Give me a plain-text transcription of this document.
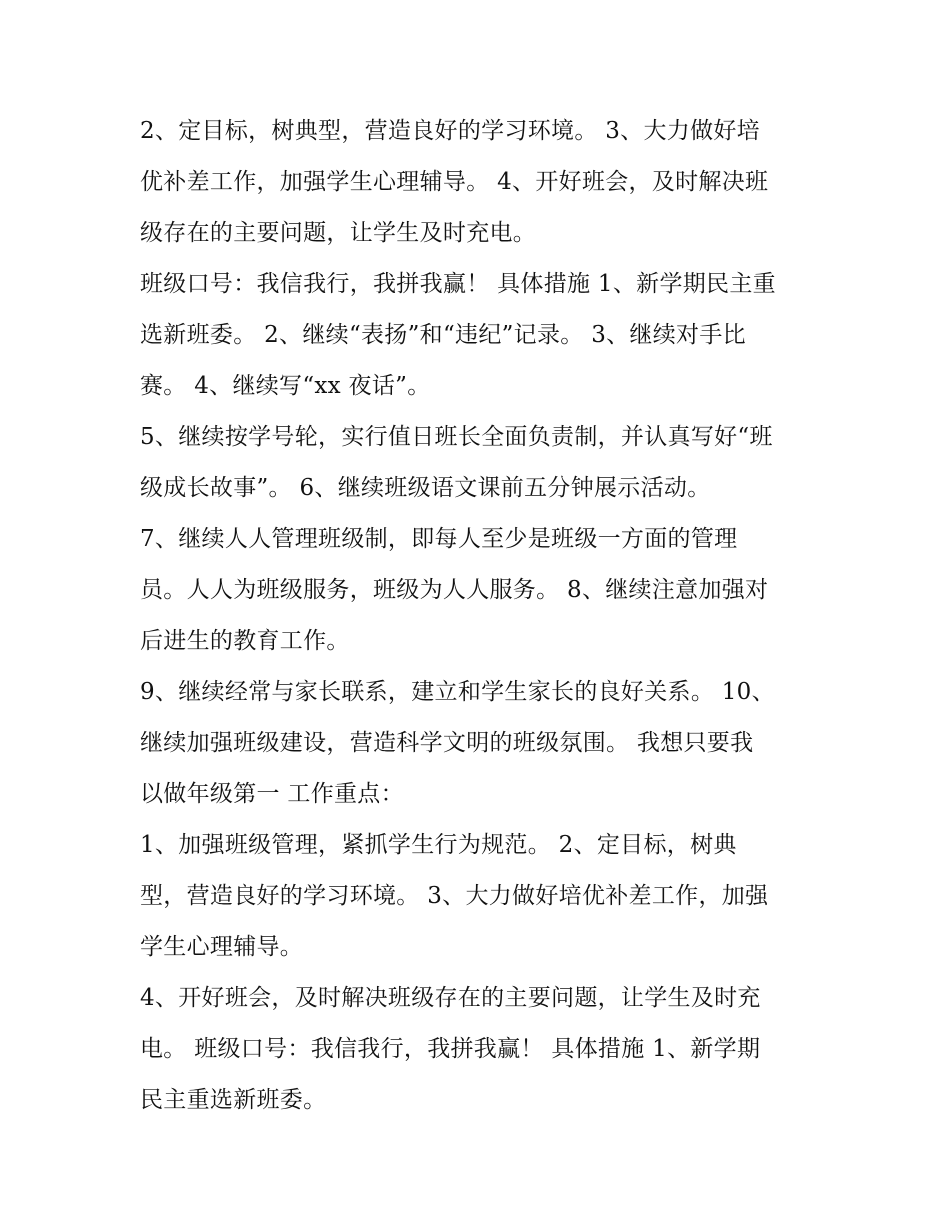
2、定目标，树典型，营造良好的学习环境。 3、大力做好培
优补差工作，加强学生心理辅导。 4、开好班会，及时解决班
级存在的主要问题，让学生及时充电。
班级口号：我信我行，我拼我赢！ 具体措施 1、新学期民主重
选新班委。 2、继续“表扬”和“违纪”记录。 3、继续对手比
赛。 4、继续写“xx 夜话”。
5、继续按学号轮，实行值日班长全面负责制，并认真写好“班
级成长故事”。 6、继续班级语文课前五分钟展示活动。
7、继续人人管理班级制，即每人至少是班级一方面的管理
员。人人为班级服务，班级为人人服务。 8、继续注意加强对
后进生的教育工作。
9、继续经常与家长联系，建立和学生家长的良好关系。 10、
继续加强班级建设，营造科学文明的班级氛围。 我想只要我
以做年级第一 工作重点：
1、加强班级管理，紧抓学生行为规范。 2、定目标，树典
型，营造良好的学习环境。 3、大力做好培优补差工作，加强
学生心理辅导。
4、开好班会，及时解决班级存在的主要问题，让学生及时充
电。 班级口号：我信我行，我拼我赢！ 具体措施 1、新学期
民主重选新班委。
